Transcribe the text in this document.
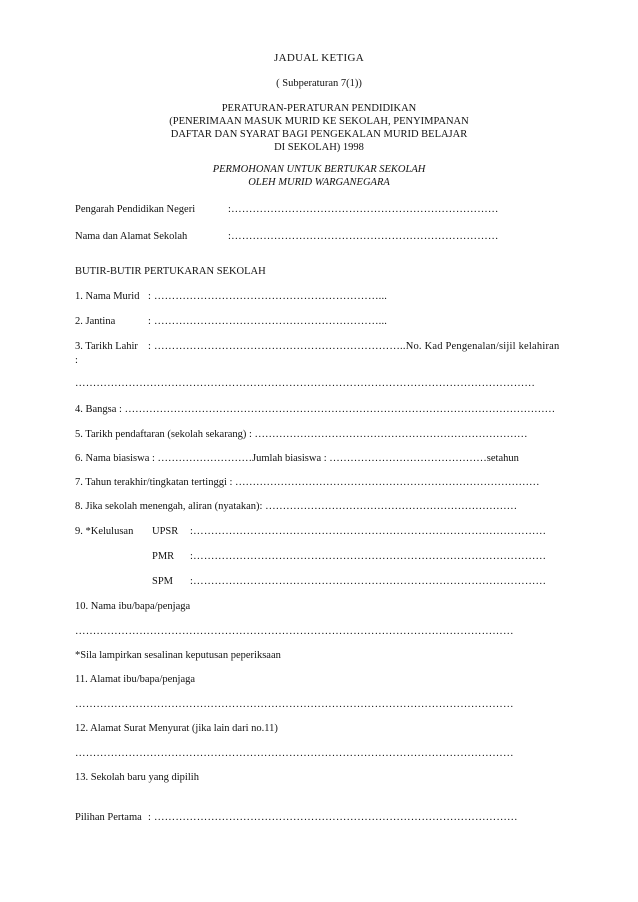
JADUAL KETIGA
( Subperaturan 7(1))
PERATURAN-PERATURAN PENDIDIKAN
(PENERIMAAN MASUK MURID KE SEKOLAH, PENYIMPANAN
DAFTAR DAN SYARAT BAGI PENGEKALAN MURID BELAJAR
DI SEKOLAH) 1998
PERMOHONAN UNTUK BERTUKAR SEKOLAH
OLEH MURID WARGANEGARA
Pengarah Pendidikan Negeri	:…………………………………………………………………
Nama dan Alamat Sekolah	:…………………………………………………………………
BUTIR-BUTIR PERTUKARAN SEKOLAH
1. Nama Murid : ………………………………………………………...
2. Jantina	: ………………………………………………………...
3. Tarikh Lahir : ……………………………………………………………..No. Kad Pengenalan/sijil kelahiran
:
…………………………………………………………………………………………………………………
4. Bangsa : ……………………………………………………………………………………………………………
5. Tarikh pendaftaran (sekolah sekarang) : ……………………………………………………………………
6. Nama biasiswa : ………………………Jumlah biasiswa : ………………………………………setahun
7. Tahun terakhir/tingkatan tertinggi : ……………………………………………………………………………
8. Jika sekolah menengah, aliran (nyatakan): ………………………………………………………………
9. *Kelulusan UPSR :………………………………………………………………………………………
PMR :………………………………………………………………………………………
SPM :………………………………………………………………………………………
10. Nama ibu/bapa/penjaga
……………………………………………………………………………………………………………
*Sila lampirkan sesalinan keputusan peperiksaan
11. Alamat ibu/bapa/penjaga
……………………………………………………………………………………………………………
12. Alamat Surat Menyurat (jika lain dari no.11)
……………………………………………………………………………………………………………
13. Sekolah baru yang dipilih
Pilihan Pertama : …………………………………………………………………………………………
